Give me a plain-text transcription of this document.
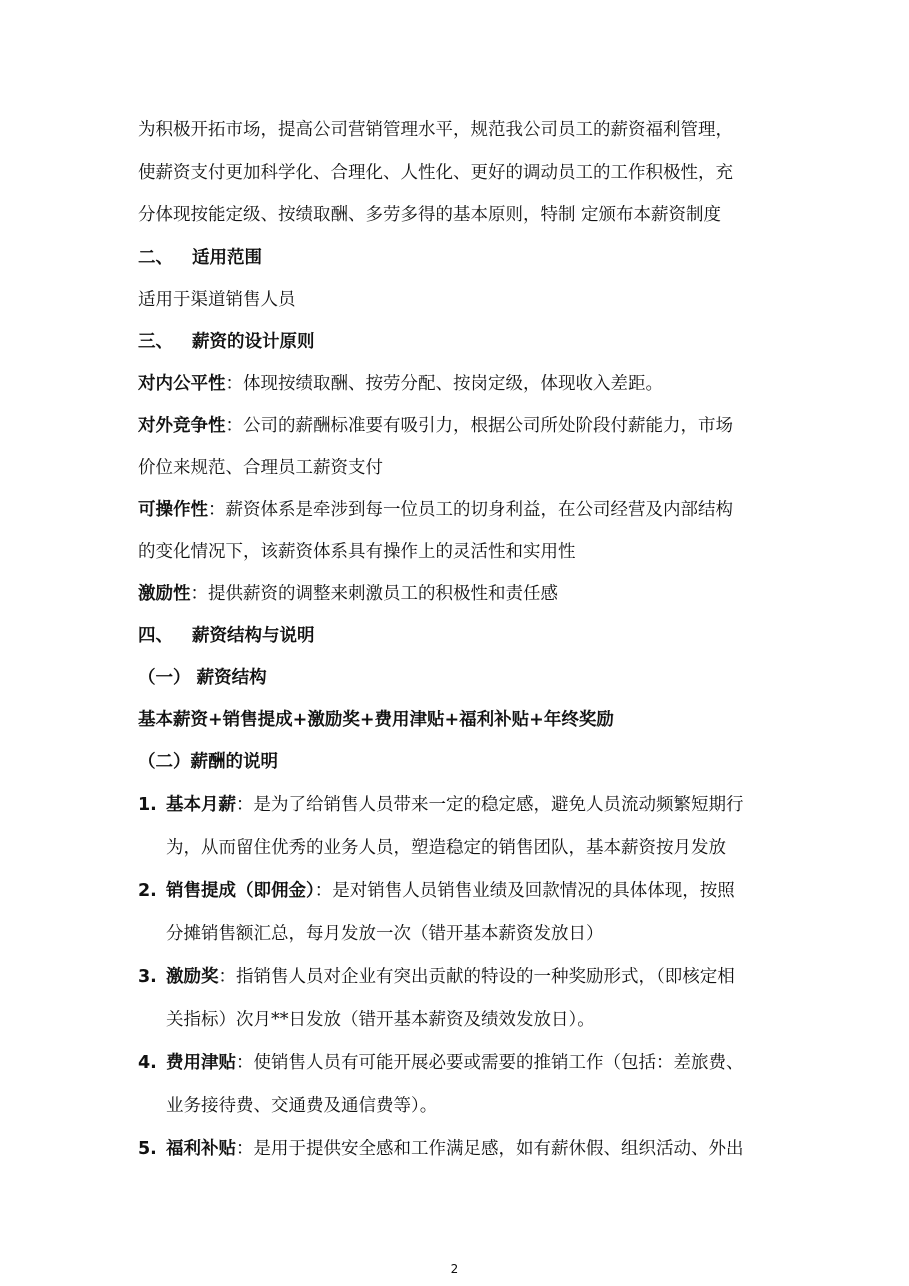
为积极开拓市场，提高公司营销管理水平，规范我公司员工的薪资福利管理，
使薪资支付更加科学化、合理化、人性化、更好的调动员工的工作积极性，充
分体现按能定级、按绩取酬、多劳多得的基本原则，特制 定颁布本薪资制度
二、 适用范围
适用于渠道销售人员
三、 薪资的设计原则
对内公平性：体现按绩取酬、按劳分配、按岗定级，体现收入差距。
对外竞争性：公司的薪酬标准要有吸引力，根据公司所处阶段付薪能力，市场
价位来规范、合理员工薪资支付
可操作性：薪资体系是牵涉到每一位员工的切身利益，在公司经营及内部结构
的变化情况下，该薪资体系具有操作上的灵活性和实用性
激励性：提供薪资的调整来刺激员工的积极性和责任感
四、 薪资结构与说明
（一） 薪资结构
基本薪资+销售提成+激励奖+费用津贴+福利补贴+年终奖励
（二）薪酬的说明
1. 基本月薪：是为了给销售人员带来一定的稳定感，避免人员流动频繁短期行
为，从而留住优秀的业务人员，塑造稳定的销售团队，基本薪资按月发放
2. 销售提成（即佣金）：是对销售人员销售业绩及回款情况的具体体现，按照
分摊销售额汇总，每月发放一次（错开基本薪资发放日）
3. 激励奖：指销售人员对企业有突出贡献的特设的一种奖励形式，（即核定相
关指标）次月**日发放（错开基本薪资及绩效发放日）。
4. 费用津贴：使销售人员有可能开展必要或需要的推销工作（包括：差旅费、
业务接待费、交通费及通信费等）。
5. 福利补贴：是用于提供安全感和工作满足感，如有薪休假、组织活动、外出
2
